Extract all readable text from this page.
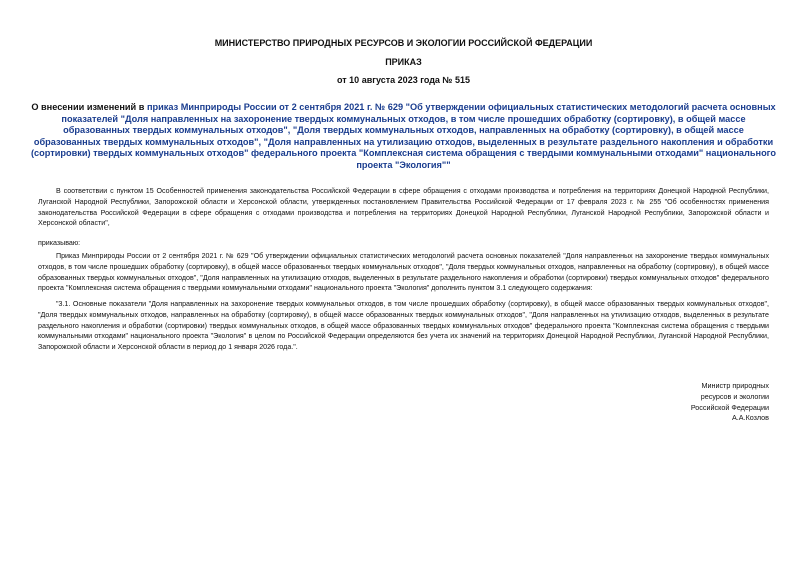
МИНИСТЕРСТВО ПРИРОДНЫХ РЕСУРСОВ И ЭКОЛОГИИ РОССИЙСКОЙ ФЕДЕРАЦИИ
ПРИКАЗ
от 10 августа 2023 года № 515
О внесении изменений в приказ Минприроды России от 2 сентября 2021 г. № 629 "Об утверждении официальных статистических методологий расчета основных показателей "Доля направленных на захоронение твердых коммунальных отходов, в том числе прошедших обработку (сортировку), в общей массе образованных твердых коммунальных отходов", "Доля твердых коммунальных отходов, направленных на обработку (сортировку), в общей массе образованных твердых коммунальных отходов", "Доля направленных на утилизацию отходов, выделенных в результате раздельного накопления и обработки (сортировки) твердых коммунальных отходов" федерального проекта "Комплексная система обращения с твердыми коммунальными отходами" национального проекта "Экология""
В соответствии с пунктом 15 Особенностей применения законодательства Российской Федерации в сфере обращения с отходами производства и потребления на территориях Донецкой Народной Республики, Луганской Народной Республики, Запорожской области и Херсонской области, утвержденных постановлением Правительства Российской Федерации от 17 февраля 2023 г. № 255 "Об особенностях применения законодательства Российской Федерации в сфере обращения с отходами производства и потребления на территориях Донецкой Народной Республики, Луганской Народной Республики, Запорожской области и Херсонской области",
приказываю:
Приказ Минприроды России от 2 сентября 2021 г. № 629 "Об утверждении официальных статистических методологий расчета основных показателей "Доля направленных на захоронение твердых коммунальных отходов, в том числе прошедших обработку (сортировку), в общей массе образованных твердых коммунальных отходов", "Доля твердых коммунальных отходов, направленных на обработку (сортировку), в общей массе образованных твердых коммунальных отходов", "Доля направленных на утилизацию отходов, выделенных в результате раздельного накопления и обработки (сортировки) твердых коммунальных отходов" федерального проекта "Комплексная система обращения с твердыми коммунальными отходами" национального проекта "Экология" дополнить пунктом 3.1 следующего содержания:
"3.1. Основные показатели "Доля направленных на захоронение твердых коммунальных отходов, в том числе прошедших обработку (сортировку), в общей массе образованных твердых коммунальных отходов", "Доля твердых коммунальных отходов, направленных на обработку (сортировку), в общей массе образованных твердых коммунальных отходов", "Доля направленных на утилизацию отходов, выделенных в результате раздельного накопления и обработки (сортировки) твердых коммунальных отходов, в общей массе образованных твердых коммунальных отходов" федерального проекта "Комплексная система обращения с твердыми коммунальными отходами" национального проекта "Экология" в целом по Российской Федерации определяются без учета их значений на территориях Донецкой Народной Республики, Луганской Народной Республики, Запорожской области и Херсонской области в период до 1 января 2026 года.".
Министр природных
ресурсов и экологии
Российской Федерации
А.А.Козлов
